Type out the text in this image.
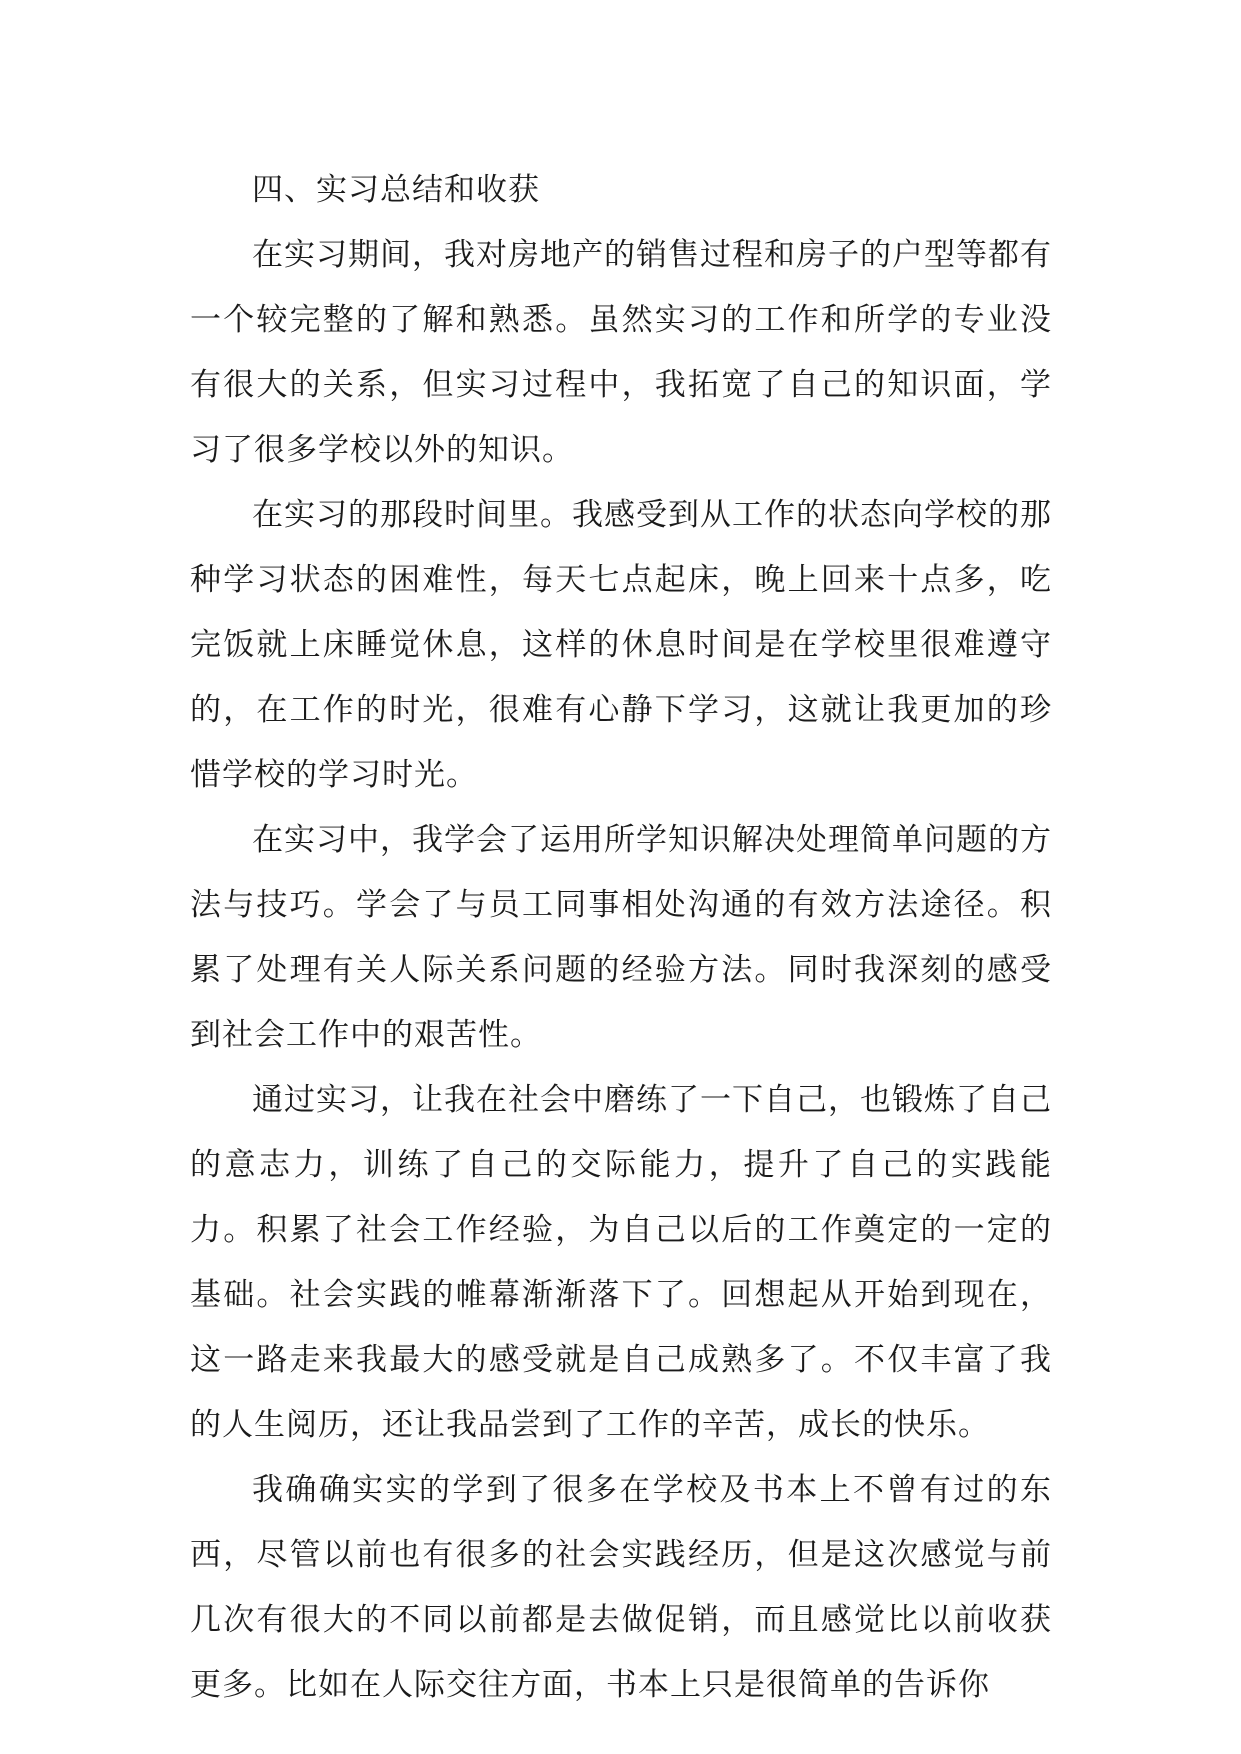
四、实习总结和收获

在实习期间，我对房地产的销售过程和房子的户型等都有一个较完整的了解和熟悉。虽然实习的工作和所学的专业没有很大的关系，但实习过程中，我拓宽了自己的知识面，学习了很多学校以外的知识。

在实习的那段时间里。我感受到从工作的状态向学校的那种学习状态的困难性，每天七点起床，晚上回来十点多，吃完饭就上床睡觉休息，这样的休息时间是在学校里很难遵守的，在工作的时光，很难有心静下学习，这就让我更加的珍惜学校的学习时光。

在实习中，我学会了运用所学知识解决处理简单问题的方法与技巧。学会了与员工同事相处沟通的有效方法途径。积累了处理有关人际关系问题的经验方法。同时我深刻的感受到社会工作中的艰苦性。

通过实习，让我在社会中磨练了一下自己，也锻炼了自己的意志力，训练了自己的交际能力，提升了自己的实践能力。积累了社会工作经验，为自己以后的工作奠定的一定的基础。社会实践的帷幕渐渐落下了。回想起从开始到现在，这一路走来我最大的感受就是自己成熟多了。不仅丰富了我的人生阅历，还让我品尝到了工作的辛苦，成长的快乐。

我确确实实的学到了很多在学校及书本上不曾有过的东西，尽管以前也有很多的社会实践经历，但是这次感觉与前几次有很大的不同以前都是去做促销，而且感觉比以前收获更多。比如在人际交往方面，书本上只是很简单的告诉你
